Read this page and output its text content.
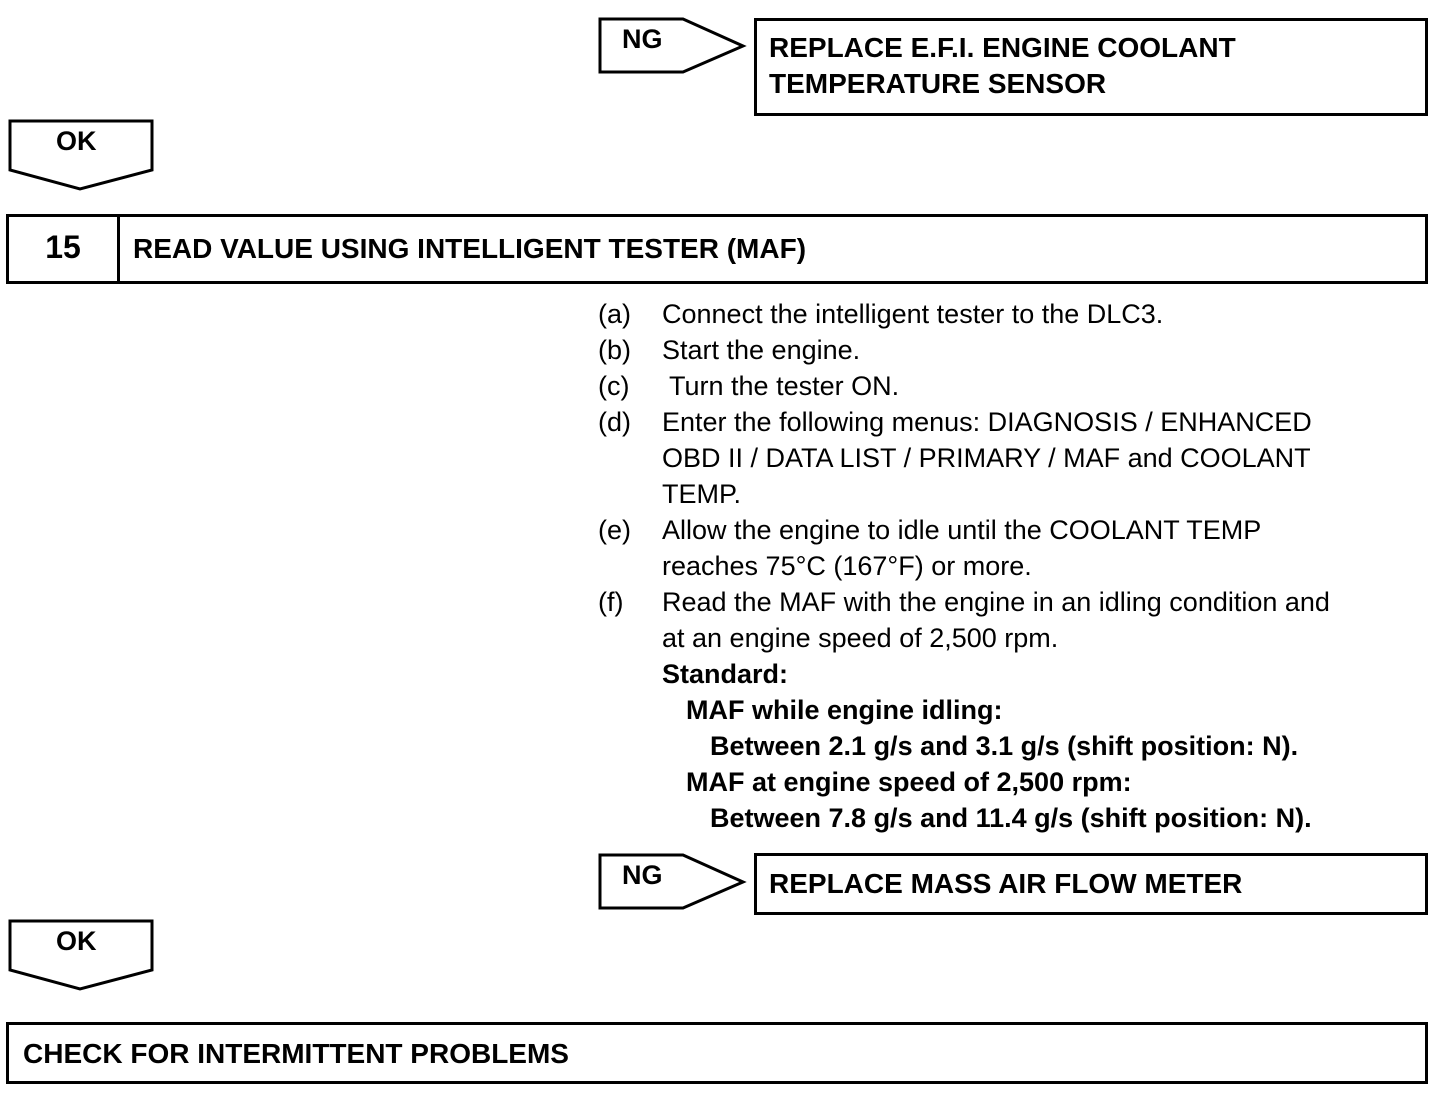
NG	REPLACE E.F.I. ENGINE COOLANT
TEMPERATURE SENSOR
OK
15	READ VALUE USING INTELLIGENT TESTER (MAF)
(a) Connect the intelligent tester to the DLC3.
(b) Start the engine.
(c) Turn the tester ON.
(d) Enter the following menus: DIAGNOSIS / ENHANCED
OBD II / DATA LIST / PRIMARY / MAF and COOLANT
TEMP.
(e) Allow the engine to idle until the COOLANT TEMP
reaches 75°C (167°F) or more.
(f) Read the MAF with the engine in an idling condition and
at an engine speed of 2,500 rpm.
Standard:
MAF while engine idling:
Between 2.1 g/s and 3.1 g/s (shift position: N).
MAF at engine speed of 2,500 rpm:
Between 7.8 g/s and 11.4 g/s (shift position: N).
NG	REPLACE MASS AIR FLOW METER
OK
CHECK FOR INTERMITTENT PROBLEMS
